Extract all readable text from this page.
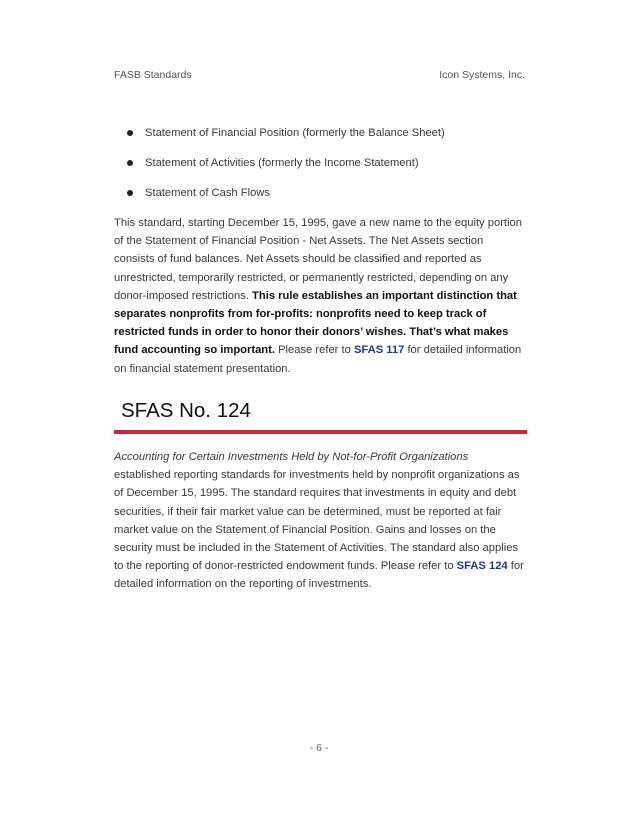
FASB Standards	Icon Systems, Inc.
Statement of Financial Position (formerly the Balance Sheet)
Statement of Activities (formerly the Income Statement)
Statement of Cash Flows

This standard, starting December 15, 1995, gave a new name to the equity portion of the Statement of Financial Position - Net Assets. The Net Assets section consists of fund balances. Net Assets should be classified and reported as unrestricted, temporarily restricted, or permanently restricted, depending on any donor-imposed restrictions. This rule establishes an important distinction that separates nonprofits from for-profits: nonprofits need to keep track of restricted funds in order to honor their donors’ wishes. That’s what makes fund accounting so important. Please refer to SFAS 117 for detailed information on financial statement presentation.

SFAS No. 124

Accounting for Certain Investments Held by Not-for-Profit Organizations established reporting standards for investments held by nonprofit organizations as of December 15, 1995. The standard requires that investments in equity and debt securities, if their fair market value can be determined, must be reported at fair market value on the Statement of Financial Position. Gains and losses on the security must be included in the Statement of Activities. The standard also applies to the reporting of donor-restricted endowment funds. Please refer to SFAS 124 for detailed information on the reporting of investments.

- 6 -
